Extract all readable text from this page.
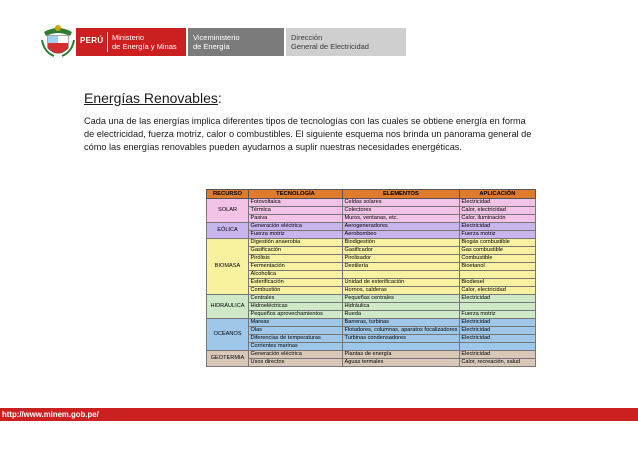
PERÚ Ministerio
de Energía y Minas
Viceministerio
de Energía
Dirección
General de Electricidad
Energías Renovables:

Cada una de las energías implica diferentes tipos de tecnologías con las cuales se obtiene energía en forma de electricidad, fuerza motriz, calor o combustibles. El siguiente esquema nos brinda un panorama general de cómo las energías renovables pueden ayudarnos a suplir nuestras necesidades energéticas.

RECURSO	TECNOLOGÍA	ELEMENTOS	APLICACIÓN
SOLAR	Fotovoltaica	Celdas solares	Electricidad
	Térmica	Colectores	Calor, electricidad
	Pasiva	Muros, ventanas, etc.	Calor, iluminación
EÓLICA	Generación eléctrica	Aerogeneradores	Electricidad
	Fuerza motriz	Aerobombeo	Fuerza motriz
BIOMASA	Digestión anaerobia	Biodigestión	Biogás combustible
	Gasificación	Gasificador	Gas combustible
	Pirólisis	Pirolisador	Combustible
	Fermentación	Destilería	Bioetanol
	Alcoholica		
	Esterificación	Unidad de esterificación	Biodiesel
	Combustión	Hornos, calderas	Calor, electricidad
HIDRÁULICA	Centrales	Pequeñas centrales	Electricidad
	Hidroeléctricas	Hidráulica	
	Pequeños aprovechamientos	Rueda	Fuerza motriz
OCÉANOS	Mareas	Barreras, turbinas	Electricidad
	Olas	Flotadores, columnas, aparatos focalizadores	Electricidad
	Diferencias de temperaturas	Turbinas condensadores	Electricidad
	Corrientes marinas		
GEOTERMIA	Generación eléctrica	Plantas de energía	Electricidad
	Usos directos	Aguas termales	Calor, recreación, salud
http://www.minem.gob.pe/
